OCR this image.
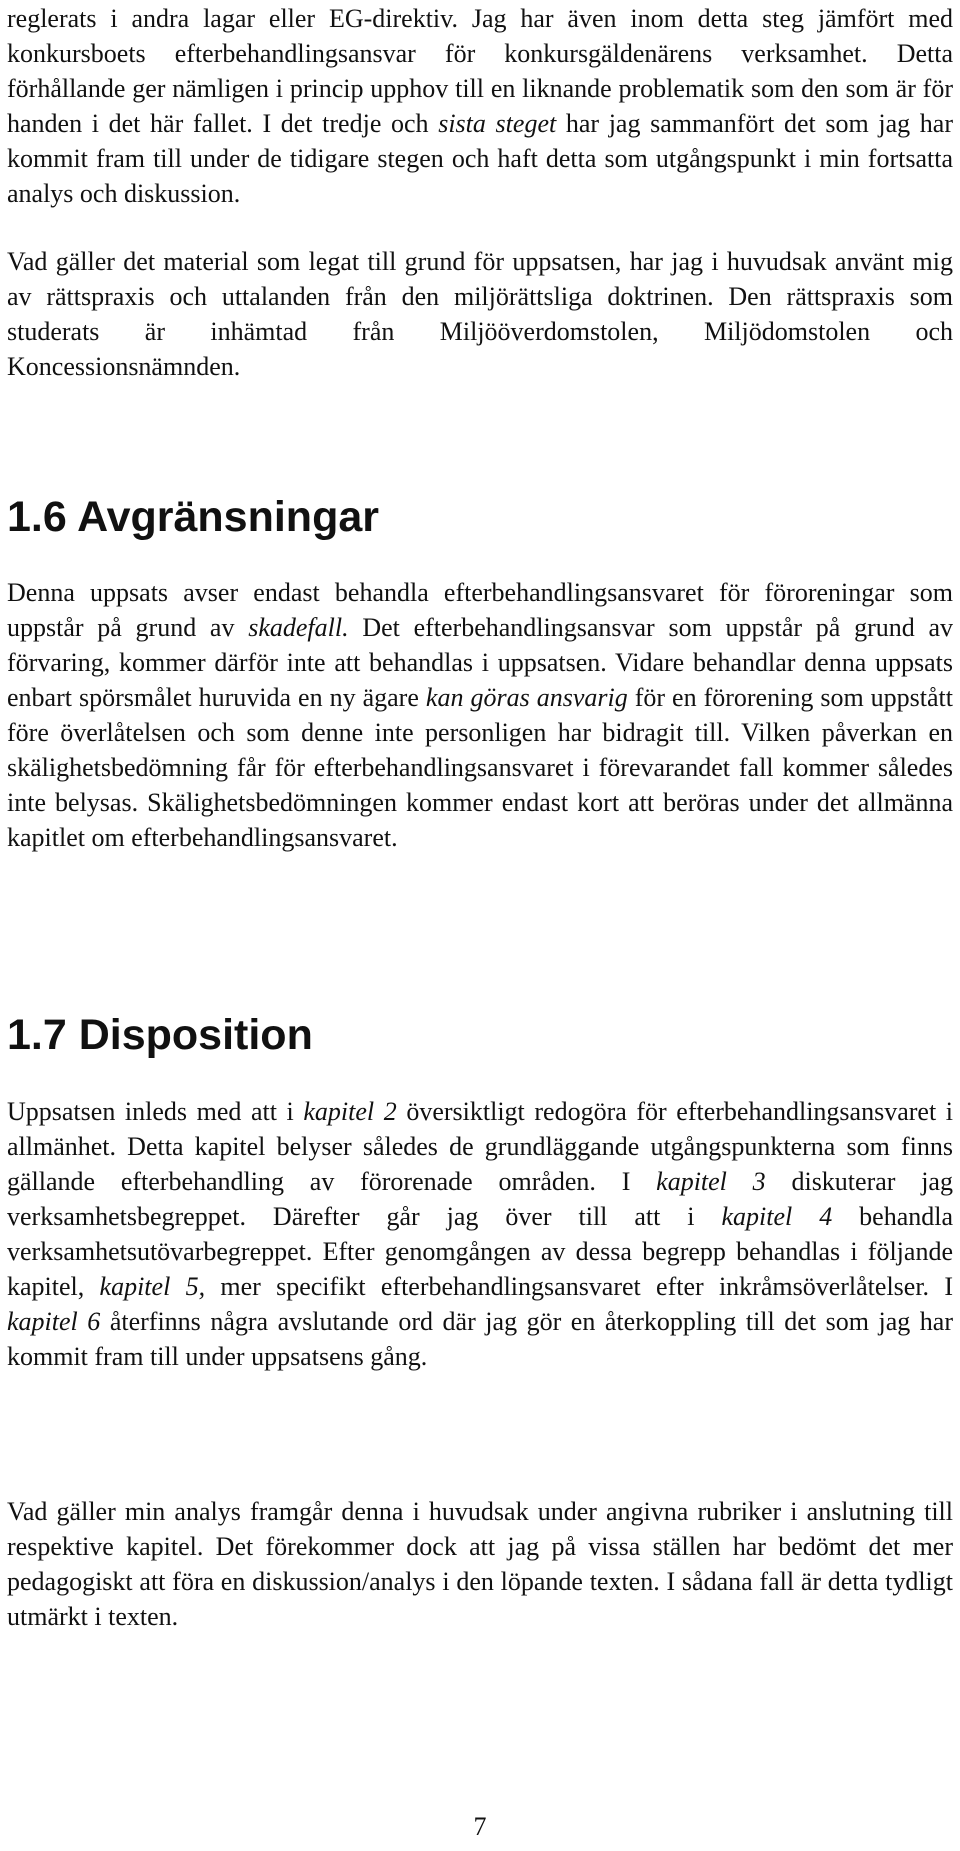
reglerats i andra lagar eller EG-direktiv. Jag har även inom detta steg jämfört med konkursboets efterbehandlingsansvar för konkursgäldenärens verksamhet. Detta förhållande ger nämligen i princip upphov till en liknande problematik som den som är för handen i det här fallet. I det tredje och sista steget har jag sammanfört det som jag har kommit fram till under de tidigare stegen och haft detta som utgångspunkt i min fortsatta analys och diskussion.

Vad gäller det material som legat till grund för uppsatsen, har jag i huvudsak använt mig av rättspraxis och uttalanden från den miljörättsliga doktrinen. Den rättspraxis som studerats är inhämtad från Miljööverdomstolen, Miljödomstolen och Koncessionsnämnden.

1.6 Avgränsningar

Denna uppsats avser endast behandla efterbehandlingsansvaret för föroreningar som uppstår på grund av skadefall. Det efterbehandlingsansvar som uppstår på grund av förvaring, kommer därför inte att behandlas i uppsatsen. Vidare behandlar denna uppsats enbart spörsmålet huruvida en ny ägare kan göras ansvarig för en förorening som uppstått före överlåtelsen och som denne inte personligen har bidragit till. Vilken påverkan en skälighetsbedömning får för efterbehandlingsansvaret i förevarandet fall kommer således inte belysas. Skälighetsbedömningen kommer endast kort att beröras under det allmänna kapitlet om efterbehandlingsansvaret.

1.7 Disposition

Uppsatsen inleds med att i kapitel 2 översiktligt redogöra för efterbehandlingsansvaret i allmänhet. Detta kapitel belyser således de grundläggande utgångspunkterna som finns gällande efterbehandling av förorenade områden. I kapitel 3 diskuterar jag verksamhetsbegreppet. Därefter går jag över till att i kapitel 4 behandla verksamhetsutövarbegreppet. Efter genomgången av dessa begrepp behandlas i följande kapitel, kapitel 5, mer specifikt efterbehandlingsansvaret efter inkråmsöverlåtelser. I kapitel 6 återfinns några avslutande ord där jag gör en återkoppling till det som jag har kommit fram till under uppsatsens gång.

Vad gäller min analys framgår denna i huvudsak under angivna rubriker i anslutning till respektive kapitel. Det förekommer dock att jag på vissa ställen har bedömt det mer pedagogiskt att föra en diskussion/analys i den löpande texten. I sådana fall är detta tydligt utmärkt i texten.

7
